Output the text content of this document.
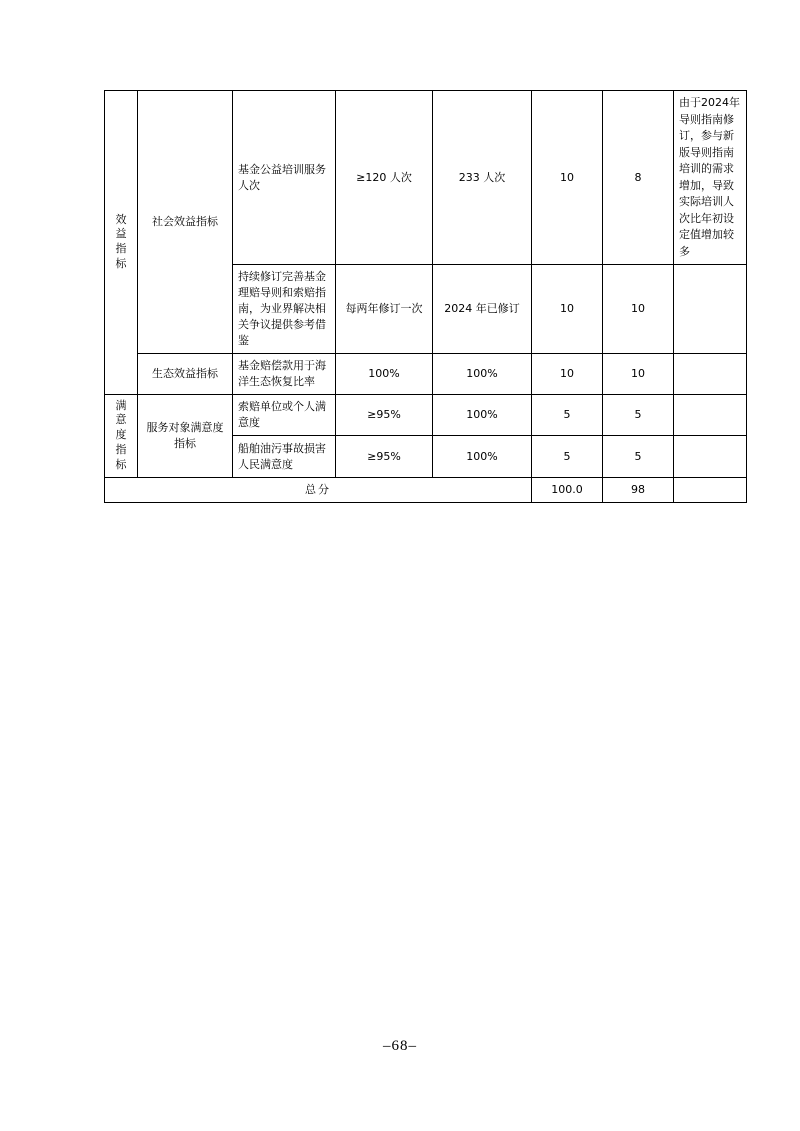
效益指标	社会效益指标	基金公益培训服务人次	≥120 人次	233 人次	10	8	由于2024年导则指南修订，参与新版导则指南培训的需求增加，导致实际培训人次比年初设定值增加较多
		持续修订完善基金理赔导则和索赔指南，为业界解决相关争议提供参考借鉴	每两年修订一次	2024 年已修订	10	10	
	生态效益指标	基金赔偿款用于海洋生态恢复比率	100%	100%	10	10	
满意度指标	服务对象满意度指标	索赔单位或个人满意度	≥95%	100%	5	5	
		船舶油污事故损害人民满意度	≥95%	100%	5	5	
总分					100.0	98	
–68–
